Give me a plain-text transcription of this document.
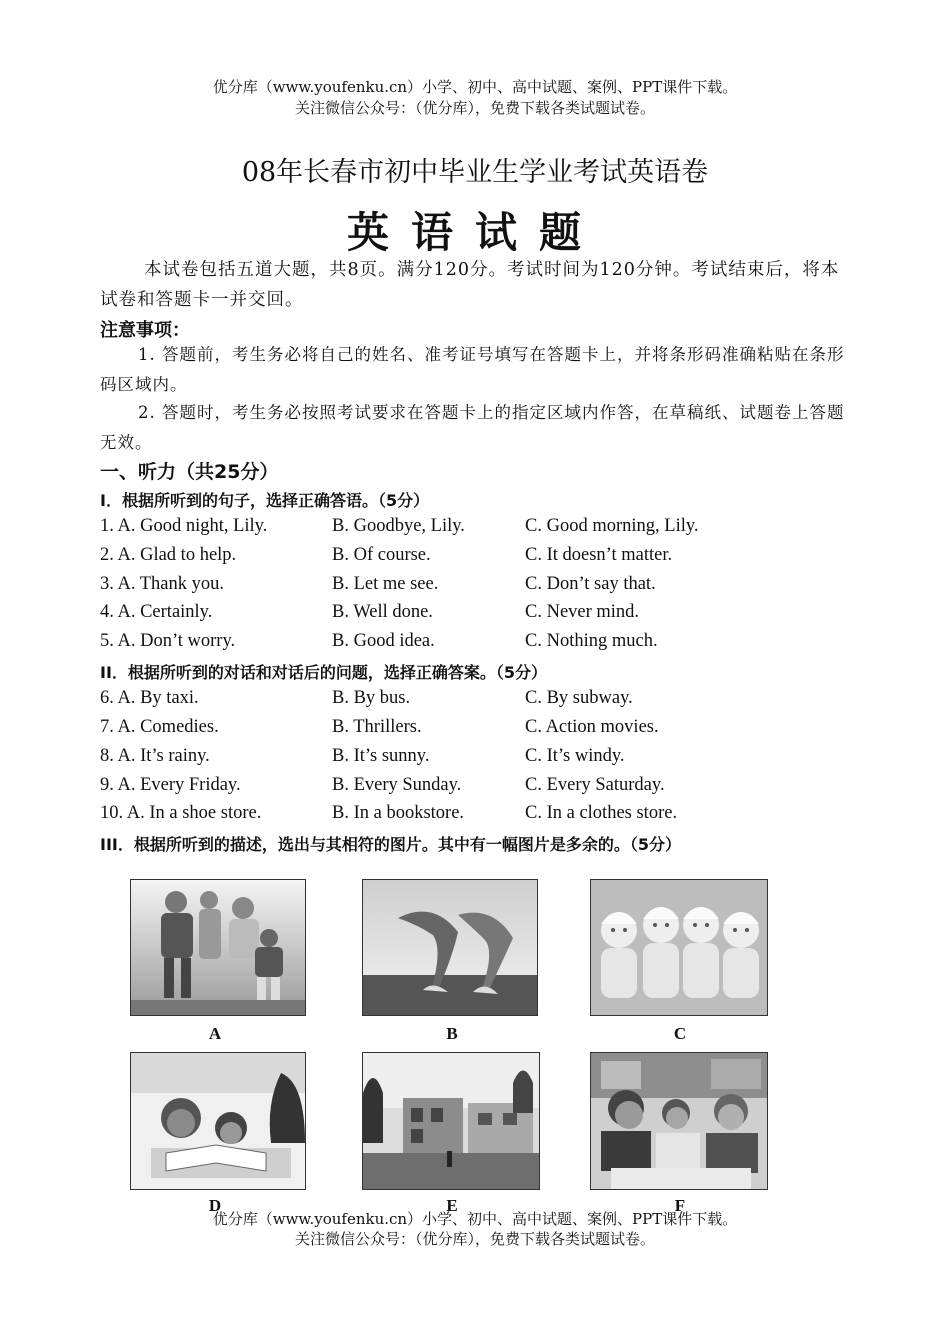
优分库（www.youfenku.cn）小学、初中、高中试题、案例、PPT课件下载。
关注微信公众号：（优分库），免费下载各类试题试卷。
08年长春市初中毕业生学业考试英语卷
英语试题
本试卷包括五道大题，共8页。满分120分。考试时间为120分钟。考试结束后，将本试卷和答题卡一并交回。
注意事项：
1. 答题前，考生务必将自己的姓名、准考证号填写在答题卡上，并将条形码准确粘贴在条形码区域内。
2. 答题时，考生务必按照考试要求在答题卡上的指定区域内作答，在草稿纸、试题卷上答题无效。
一、听力（共25分）
I．根据所听到的句子，选择正确答语。（5分）
1. A. Good night, Lily.	B. Goodbye, Lily.	C. Good morning, Lily.
2. A. Glad to help.	B. Of course.	C. It doesn’t matter.
3. A. Thank you.	B. Let me see.	C. Don’t say that.
4. A. Certainly.	B. Well done.	C. Never mind.
5. A. Don’t worry.	B. Good idea.	C. Nothing much.
II．根据所听到的对话和对话后的问题，选择正确答案。（5分）
6. A. By taxi.	B. By bus.	C. By subway.
7. A. Comedies.	B. Thrillers.	C. Action movies.
8. A. It’s rainy.	B. It’s sunny.	C. It’s windy.
9. A. Every Friday.	B. Every Sunday.	C. Every Saturday.
10. A. In a shoe store.	B. In a bookstore.	C. In a clothes store.
III．根据所听到的描述，选出与其相符的图片。其中有一幅图片是多余的。（5分）
A	B	C
D	E	F
优分库（www.youfenku.cn）小学、初中、高中试题、案例、PPT课件下载。
关注微信公众号：（优分库），免费下载各类试题试卷。
